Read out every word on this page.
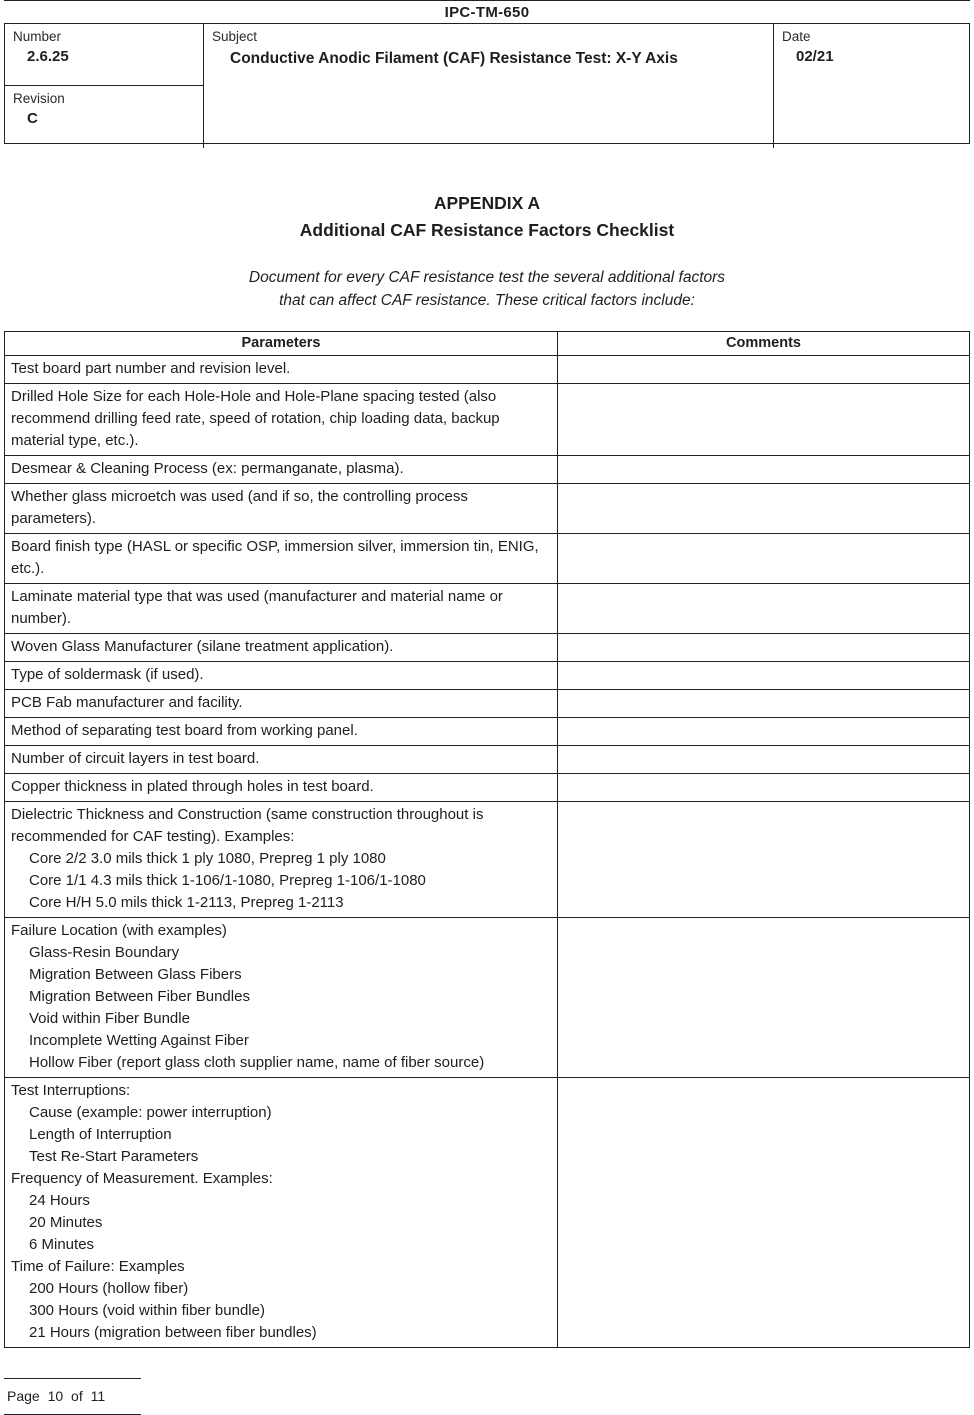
IPC-TM-650
Number
2.6.25
Revision
C
Subject
Conductive Anodic Filament (CAF) Resistance Test: X-Y Axis
Date
02/21
APPENDIX A
Additional CAF Resistance Factors Checklist
Document for every CAF resistance test the several additional factors
that can affect CAF resistance. These critical factors include:
Parameters	Comments

Test board part number and revision level.	

Drilled Hole Size for each Hole-Hole and Hole-Plane spacing tested (also recommend drilling feed rate, speed of rotation, chip loading data, backup material type, etc.).	

Desmear & Cleaning Process (ex: permanganate, plasma).	

Whether glass microetch was used (and if so, the controlling process parameters).	

Board finish type (HASL or specific OSP, immersion silver, immersion tin, ENIG, etc.).	

Laminate material type that was used (manufacturer and material name or number).	

Woven Glass Manufacturer (silane treatment application).	

Type of soldermask (if used).	

PCB Fab manufacturer and facility.	

Method of separating test board from working panel.	

Number of circuit layers in test board.	

Copper thickness in plated through holes in test board.	

Dielectric Thickness and Construction (same construction throughout is recommended for CAF testing). Examples:
Core 2/2 3.0 mils thick 1 ply 1080, Prepreg 1 ply 1080
Core 1/1 4.3 mils thick 1-106/1-1080, Prepreg 1-106/1-1080
Core H/H 5.0 mils thick 1-2113, Prepreg 1-2113	

Failure Location (with examples)
Glass-Resin Boundary
Migration Between Glass Fibers
Migration Between Fiber Bundles
Void within Fiber Bundle
Incomplete Wetting Against Fiber
Hollow Fiber (report glass cloth supplier name, name of fiber source)

Test Interruptions:
Cause (example: power interruption)
Length of Interruption
Test Re-Start Parameters
Frequency of Measurement. Examples:
24 Hours
20 Minutes
6 Minutes
Time of Failure: Examples
200 Hours (hollow fiber)
300 Hours (void within fiber bundle)
21 Hours (migration between fiber bundles)

Page 10 of 11
